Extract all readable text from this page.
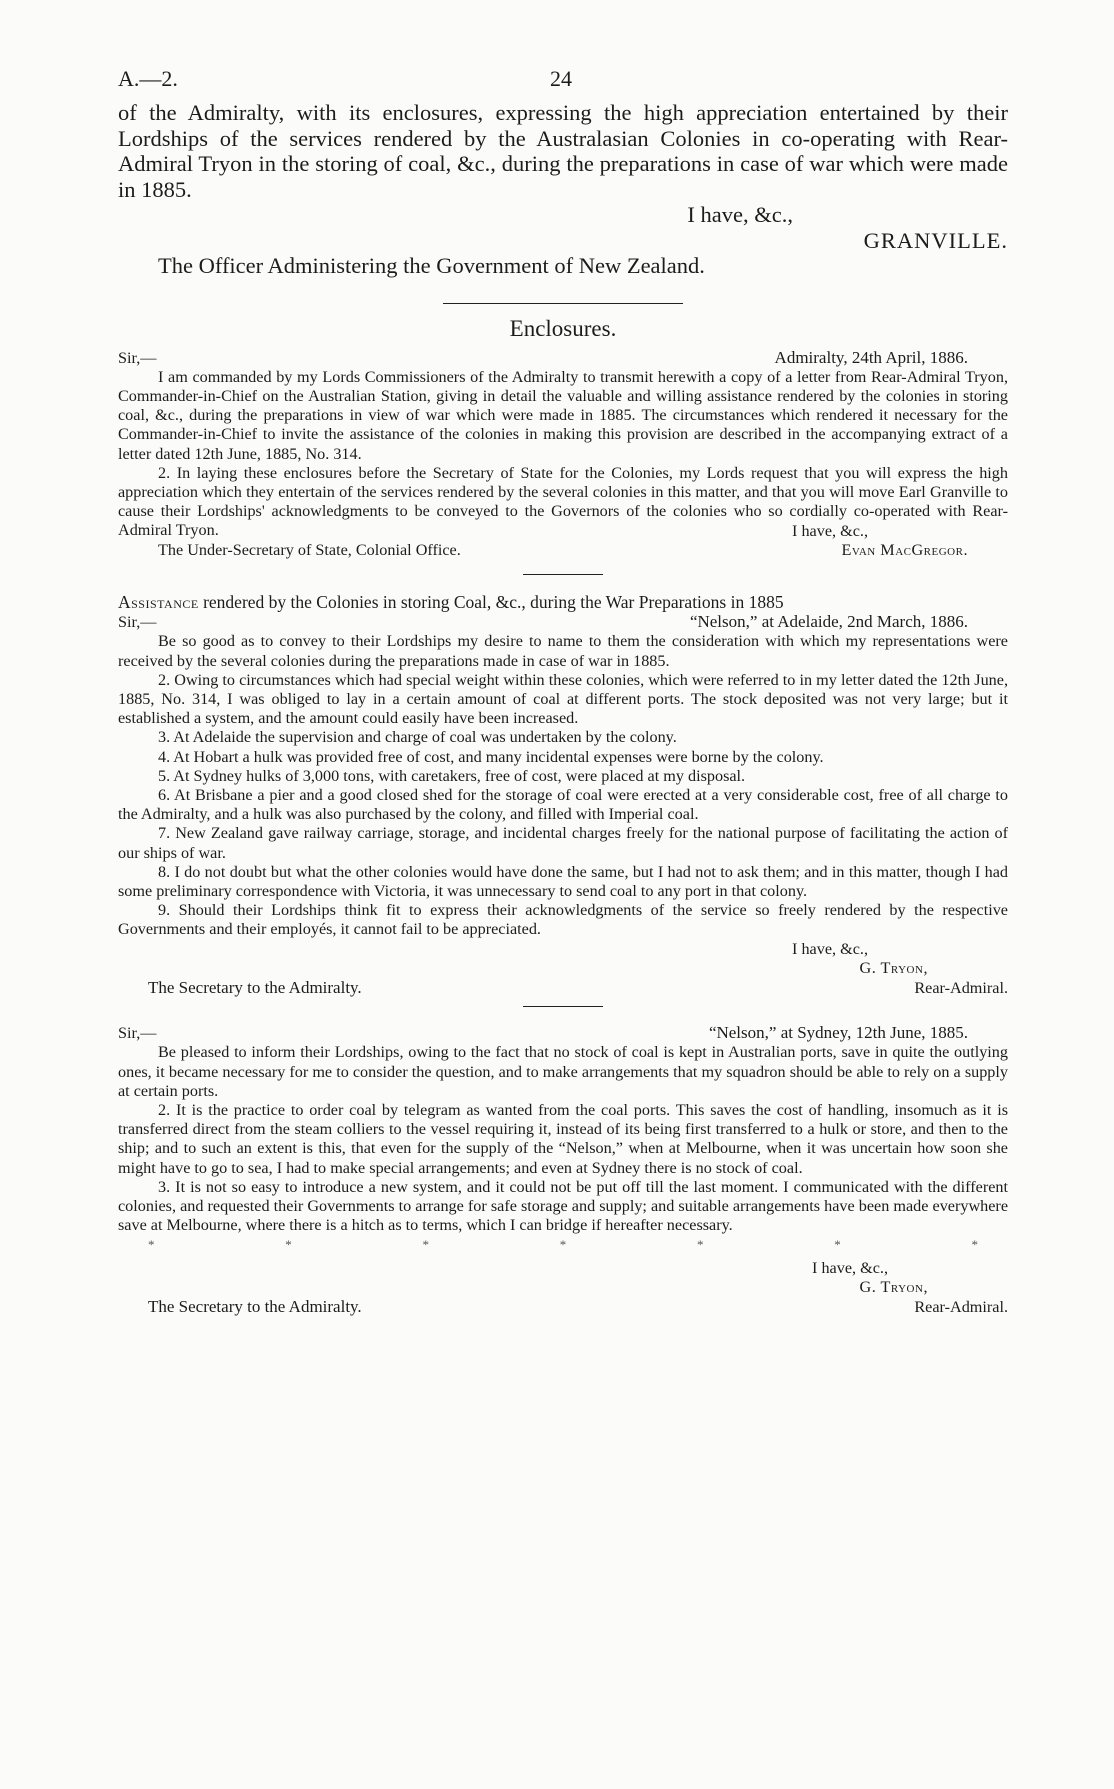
A.—2.	24

of the Admiralty, with its enclosures, expressing the high appreciation entertained by their Lordships of the services rendered by the Australasian Colonies in co-operating with Rear-Admiral Tryon in the storing of coal, &c., during the preparations in case of war which were made in 1885.

I have, &c.,
GRANVILLE.
The Officer Administering the Government of New Zealand.
Enclosures.
Sir,—	Admiralty, 24th April, 1886.

I am commanded by my Lords Commissioners of the Admiralty to transmit herewith a copy of a letter from Rear-Admiral Tryon, Commander-in-Chief on the Australian Station, giving in detail the valuable and willing assistance rendered by the colonies in storing coal, &c., during the preparations in view of war which were made in 1885. The circumstances which rendered it necessary for the Commander-in-Chief to invite the assistance of the colonies in making this provision are described in the accompanying extract of a letter dated 12th June, 1885, No. 314.

2. In laying these enclosures before the Secretary of State for the Colonies, my Lords request that you will express the high appreciation which they entertain of the services rendered by the several colonies in this matter, and that you will move Earl Granville to cause their Lordships' acknowledgments to be conveyed to the Governors of the colonies who so cordially co-operated with Rear-Admiral Tryon.	I have, &c.,
The Under-Secretary of State, Colonial Office.	Evan MacGregor.
Assistance rendered by the Colonies in storing Coal, &c., during the War Preparations in 1885
Sir,—	“Nelson,” at Adelaide, 2nd March, 1886.

Be so good as to convey to their Lordships my desire to name to them the consideration with which my representations were received by the several colonies during the preparations made in case of war in 1885.

2. Owing to circumstances which had special weight within these colonies, which were referred to in my letter dated the 12th June, 1885, No. 314, I was obliged to lay in a certain amount of coal at different ports. The stock deposited was not very large; but it established a system, and the amount could easily have been increased.

3. At Adelaide the supervision and charge of coal was undertaken by the colony.

4. At Hobart a hulk was provided free of cost, and many incidental expenses were borne by the colony.

5. At Sydney hulks of 3,000 tons, with caretakers, free of cost, were placed at my disposal.

6. At Brisbane a pier and a good closed shed for the storage of coal were erected at a very considerable cost, free of all charge to the Admiralty, and a hulk was also purchased by the colony, and filled with Imperial coal.

7. New Zealand gave railway carriage, storage, and incidental charges freely for the national purpose of facilitating the action of our ships of war.

8. I do not doubt but what the other colonies would have done the same, but I had not to ask them; and in this matter, though I had some preliminary correspondence with Victoria, it was unnecessary to send coal to any port in that colony.

9. Should their Lordships think fit to express their acknowledgments of the service so freely rendered by the respective Governments and their employés, it cannot fail to be appreciated.

I have, &c.,
G. Tryon,
The Secretary to the Admiralty.	Rear-Admiral.
Sir,—	“Nelson,” at Sydney, 12th June, 1885.

Be pleased to inform their Lordships, owing to the fact that no stock of coal is kept in Australian ports, save in quite the outlying ones, it became necessary for me to consider the question, and to make arrangements that my squadron should be able to rely on a supply at certain ports.

2. It is the practice to order coal by telegram as wanted from the coal ports. This saves the cost of handling, insomuch as it is transferred direct from the steam colliers to the vessel requiring it, instead of its being first transferred to a hulk or store, and then to the ship; and to such an extent is this, that even for the supply of the “Nelson,” when at Melbourne, when it was uncertain how soon she might have to go to sea, I had to make special arrangements; and even at Sydney there is no stock of coal.

3. It is not so easy to introduce a new system, and it could not be put off till the last moment. I communicated with the different colonies, and requested their Governments to arrange for safe storage and supply; and suitable arrangements have been made everywhere save at Melbourne, where there is a hitch as to terms, which I can bridge if hereafter necessary.

*	*	*	*	*	*	*
I have, &c.,
G. Tryon,
The Secretary to the Admiralty.	Rear-Admiral.
